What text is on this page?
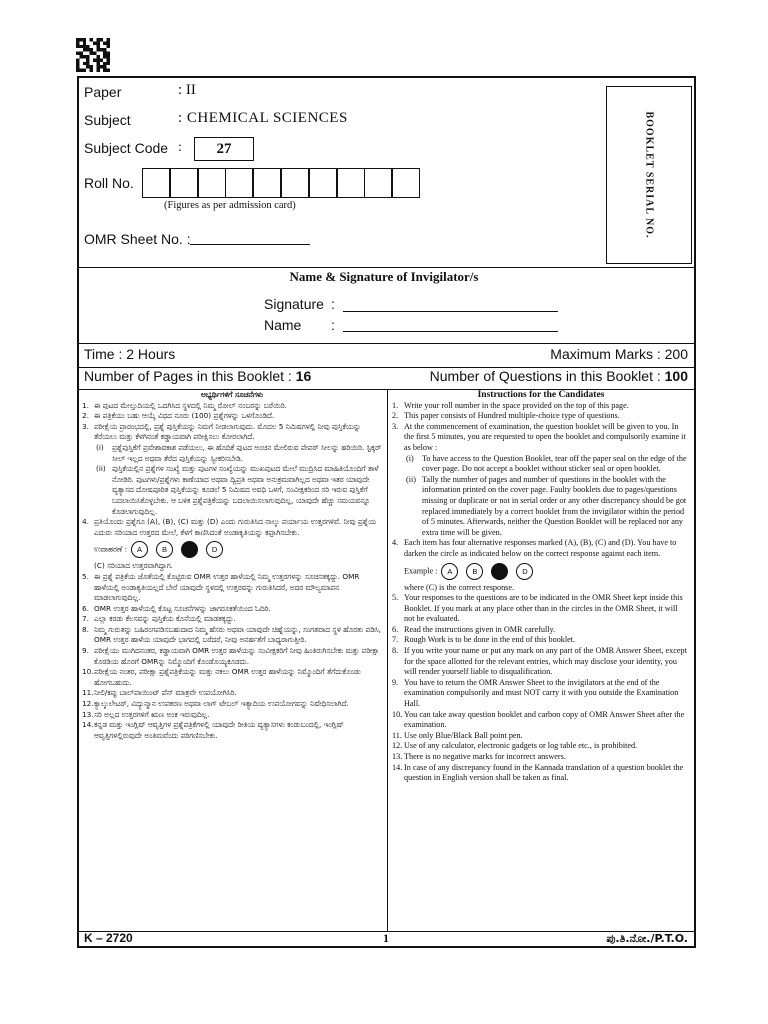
Paper	: II
Subject	: CHEMICAL SCIENCES
Subject Code :	27
Roll No.
(Figures as per admission card)
OMR Sheet No. :
BOOKLET SERIAL NO.
Name & Signature of Invigilator/s
Signature :
Name :
Time : 2 Hours	Maximum Marks : 200
Number of Pages in this Booklet : 16	Number of Questions in this Booklet : 100
ಅಭ್ಯರ್ಥಿಗಳಿಗೆ ಸೂಚನೆಗಳು
1. ಈ ಪುಟದ ಮೇಲ್ತುದಿಯಲ್ಲಿ ಒದಗಿಸಿದ ಸ್ಥಳದಲ್ಲಿ ನಿಮ್ಮ ರೋಲ್ ನಂಬರನ್ನು ಬರೆಯಿರಿ.
2. ಈ ಪತ್ರಿಕೆಯು ಬಹು ಆಯ್ಕೆ ವಿಧದ ನೂರು (100) ಪ್ರಶ್ನೆಗಳನ್ನು ಒಳಗೊಂಡಿದೆ.
3. ಪರೀಕ್ಷೆಯ ಪ್ರಾರಂಭದಲ್ಲಿ, ಪ್ರಶ್ನೆ ಪುಸ್ತಿಕೆಯನ್ನು ನಿಮಗೆ ನೀಡಲಾಗುವುದು. ಮೊದಲ 5 ನಿಮಿಷಗಳಲ್ಲಿ ನೀವು ಪುಸ್ತಿಕೆಯನ್ನು ತೆರೆಯಲು ಮತ್ತು ಕೆಳಗಿನಂತೆ ಕಡ್ಡಾಯವಾಗಿ ಪರೀಕ್ಷಿಸಲು ಕೋರಲಾಗಿದೆ.
(i) ಪ್ರಶ್ನೆಪುಸ್ತಿಕೆಗೆ ಪ್ರವೇಶಾವಕಾಶ ಪಡೆಯಲು, ಈ ಹೊದಿಕೆ ಪುಟದ ಅಂಚಿನ ಮೇಲಿರುವ ಪೇಪರ್ ಸೀಲನ್ನು ಹರಿಯಿರಿ. ಸ್ಟಿಕ್ಕರ್ ಸೀಲ್ ಇಲ್ಲದ ಅಥವಾ ತೆರೆದ ಪುಸ್ತಿಕೆಯನ್ನು ಸ್ವೀಕರಿಸಬೇಡಿ.
(ii) ಪುಸ್ತಿಕೆಯಲ್ಲಿನ ಪ್ರಶ್ನೆಗಳ ಸಂಖ್ಯೆ ಮತ್ತು ಪುಟಗಳ ಸಂಖ್ಯೆಯನ್ನು ಮುಖಪುಟದ ಮೇಲೆ ಮುದ್ರಿಸಿದ ಮಾಹಿತಿಯೊಂದಿಗೆ ತಾಳೆ ನೋಡಿರಿ. ಪುಟಗಳು/ಪ್ರಶ್ನೆಗಳು ಕಾಣೆಯಾದ ಅಥವಾ ದ್ವಿಪ್ರತಿ ಅಥವಾ ಅನುಕ್ರಮವಾಗಿಲ್ಲದ ಅಥವಾ ಇತರ ಯಾವುದೇ ವ್ಯತ್ಯಾಸದ ದೋಷಪೂರಿತ ಪುಸ್ತಿಕೆಯನ್ನು ಕೂಡಲೆ 5 ನಿಮಿಷದ ಅವಧಿ ಒಳಗೆ, ಸಂವೀಕ್ಷಕರಿಂದ ಸರಿ ಇರುವ ಪುಸ್ತಿಕೆಗೆ ಬದಲಾಯಿಸಿಕೊಳ್ಳಬೇಕು. ಆ ಬಳಿಕ ಪ್ರಶ್ನೆಪತ್ರಿಕೆಯನ್ನು ಬದಲಾಯಿಸಲಾಗುವುದಿಲ್ಲ, ಯಾವುದೇ ಹೆಚ್ಚು ಸಮಯವನ್ನೂ ಕೊಡಲಾಗುವುದಿಲ್ಲ.
4. ಪ್ರತಿಯೊಂದು ಪ್ರಶ್ನೆಗೂ (A), (B), (C) ಮತ್ತು (D) ಎಂದು ಗುರುತಿಸಿದ ನಾಲ್ಕು ಪರ್ಯಾಯ ಉತ್ತರಗಳಿವೆ. ನೀವು ಪ್ರಶ್ನೆಯ ಎದುರು ಸರಿಯಾದ ಉತ್ತರದ ಮೇಲೆ, ಕೆಳಗೆ ಕಾಣಿಸಿದಂತೆ ಅಂಡಾಕೃತಿಯನ್ನು ಕಪ್ಪಾಗಿಸಬೇಕು.
ಉದಾಹರಣೆ : A	B	D
(C) ಸರಿಯಾದ ಉತ್ತರವಾಗಿದ್ದಾಗ.
5. ಈ ಪ್ರಶ್ನೆ ಪತ್ರಿಕೆಯ ಜೊತೆಯಲ್ಲಿ ಕೊಟ್ಟಿರುವ OMR ಉತ್ತರ ಹಾಳೆಯಲ್ಲಿ ನಿಮ್ಮ ಉತ್ತರಗಳನ್ನು ಸೂಚಿಸತಕ್ಕದ್ದು. OMR ಹಾಳೆಯಲ್ಲಿ ಅಂಡಾಕೃತಿಯಲ್ಲದೆ ಬೇರೆ ಯಾವುದೇ ಸ್ಥಳದಲ್ಲಿ ಉತ್ತರವನ್ನು ಗುರುತಿಸಿದರೆ, ಅದರ ಮೌಲ್ಯಮಾಪನ ಮಾಡಲಾಗುವುದಿಲ್ಲ.
6. OMR ಉತ್ತರ ಹಾಳೆಯಲ್ಲಿ ಕೊಟ್ಟ ಸೂಚನೆಗಳನ್ನು ಜಾಗರೂಕತೆಯಿಂದ ಓದಿರಿ.
7. ಎಲ್ಲಾ ಕರಡು ಕೆಲಸವನ್ನು ಪುಸ್ತಿಕೆಯ ಕೊನೆಯಲ್ಲಿ ಮಾಡತಕ್ಕದ್ದು.
8. ನಿಮ್ಮ ಗುರುತನ್ನು ಬಹಿರಂಗಪಡಿಸಬಹುದಾದ ನಿಮ್ಮ ಹೆಸರು ಅಥವಾ ಯಾವುದೇ ಚಿಹ್ನೆಯನ್ನು, ಸಂಗತವಾದ ಸ್ಥಳ ಹೊರತು ಪಡಿಸಿ, OMR ಉತ್ತರ ಹಾಳೆಯ ಯಾವುದೇ ಭಾಗದಲ್ಲಿ ಬರೆದರೆ, ನೀವು ಅನರ್ಹತೆಗೆ ಬಾಧ್ಯರಾಗುತ್ತೀರಿ.
9. ಪರೀಕ್ಷೆಯು ಮುಗಿದನಂತರ, ಕಡ್ಡಾಯವಾಗಿ OMR ಉತ್ತರ ಹಾಳೆಯನ್ನು ಸಂವೀಕ್ಷಕರಿಗೆ ನೀವು ಹಿಂತಿರುಗಿಸಬೇಕು ಮತ್ತು ಪರೀಕ್ಷಾ ಕೊಠಡಿಯ ಹೊರಗೆ OMRನ್ನು ನಿಮ್ಮೊಂದಿಗೆ ಕೊಂಡೊಯ್ಯಕೂಡದು.
10. ಪರೀಕ್ಷೆಯ ನಂತರ, ಪರೀಕ್ಷಾ ಪ್ರಶ್ನೆಪತ್ರಿಕೆಯನ್ನು ಮತ್ತು ನಕಲು OMR ಉತ್ತರ ಹಾಳೆಯನ್ನು ನಿಮ್ಮೊಂದಿಗೆ ತೆಗೆದುಕೊಂಡು ಹೋಗಬಹುದು.
11. ನೀಲಿ/ಕಪ್ಪು ಬಾಲ್‌ಪಾಯಿಂಟ್ ಪೆನ್ ಮಾತ್ರವೇ ಉಪಯೋಗಿಸಿರಿ.
12. ಕ್ಯಾಲ್ಕುಲೇಟರ್, ವಿದ್ಯುನ್ಮಾನ ಉಪಕರಣ ಅಥವಾ ಲಾಗ್ ಟೇಬಲ್ ಇತ್ಯಾದಿಯ ಉಪಯೋಗವನ್ನು ನಿಷೇಧಿಸಲಾಗಿದೆ.
13. ಸರಿ ಅಲ್ಲದ ಉತ್ತರಗಳಿಗೆ ಋಣ ಅಂಕ ಇರುವುದಿಲ್ಲ.
14. ಕನ್ನಡ ಮತ್ತು ಇಂಗ್ಲಿಷ್ ಆವೃತ್ತಿಗಳ ಪ್ರಶ್ನೆಪತ್ರಿಕೆಗಳಲ್ಲಿ ಯಾವುದೇ ರೀತಿಯ ವ್ಯತ್ಯಾಸಗಳು ಕಂಡುಬಂದಲ್ಲಿ, ಇಂಗ್ಲಿಷ್ ಆವೃತ್ತಿಗಳಲ್ಲಿರುವುದೇ ಅಂತಿಮವೆಂದು ಪರಿಗಣಿಸಬೇಕು.
Instructions for the Candidates
1. Write your roll number in the space provided on the top of this page.
2. This paper consists of Hundred multiple-choice type of questions.
3. At the commencement of examination, the question booklet will be given to you. In the first 5 minutes, you are requested to open the booklet and compulsorily examine it as below :
(i) To have access to the Question Booklet, tear off the paper seal on the edge of the cover page. Do not accept a booklet without sticker seal or open booklet.
(ii) Tally the number of pages and number of questions in the booklet with the information printed on the cover page. Faulty booklets due to pages/questions missing or duplicate or not in serial order or any other discrepancy should be got replaced immediately by a correct booklet from the invigilator within the period of 5 minutes. Afterwards, neither the Question Booklet will be replaced nor any extra time will be given.
4. Each item has four alternative responses marked (A), (B), (C) and (D). You have to darken the circle as indicated below on the correct response against each item.
Example : A	B	D
where (C) is the correct response.
5. Your responses to the questions are to be indicated in the OMR Sheet kept inside this Booklet. If you mark at any place other than in the circles in the OMR Sheet, it will not be evaluated.
6. Read the instructions given in OMR carefully.
7. Rough Work is to be done in the end of this booklet.
8. If you write your name or put any mark on any part of the OMR Answer Sheet, except for the space allotted for the relevant entries, which may disclose your identity, you will render yourself liable to disqualification.
9. You have to return the OMR Answer Sheet to the invigilators at the end of the examination compulsorily and must NOT carry it with you outside the Examination Hall.
10. You can take away question booklet and carbon copy of OMR Answer Sheet after the examination.
11. Use only Blue/Black Ball point pen.
12. Use of any calculator, electronic gadgets or log table etc., is prohibited.
13. There is no negative marks for incorrect answers.
14. In case of any discrepancy found in the Kannada translation of a question booklet the question in English version shall be taken as final.
K – 2720	1	ಪು.ತಿ.ನೋ./P.T.O.
